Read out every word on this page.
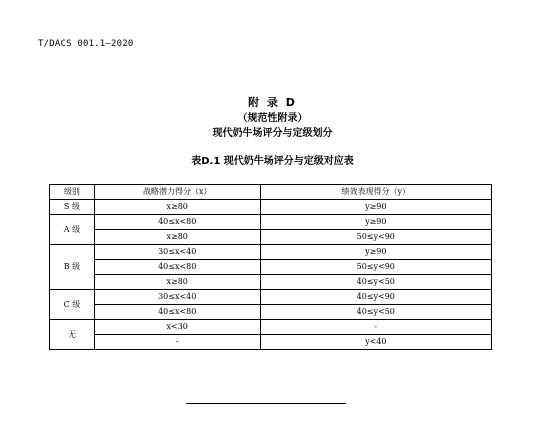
T/DACS 001.1—2020
附 录 D
（规范性附录）
现代奶牛场评分与定级划分
表D.1 现代奶牛场评分与定级对应表
级别	战略潜力得分（x）	绩效表现得分（y）
S 级	x≥80	y≥90
A 级	40≤x<80	y≥90
	x≥80	50≤y<90
B 级	30≤x<40	y≥90
	40≤x<80	50≤y<90
	x≥80	40≤y<50
C 级	30≤x<40	40≤y<90
	40≤x<80	40≤y<50
无	x<30	-
	-	y<40
